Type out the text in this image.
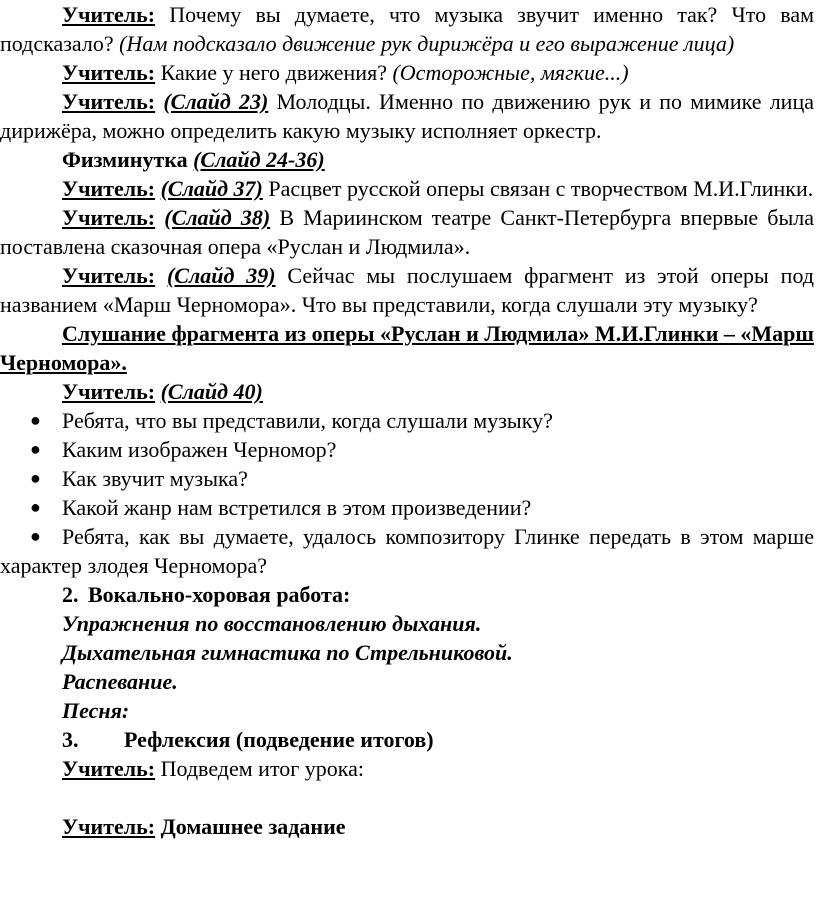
Учитель: Почему вы думаете, что музыка звучит именно так? Что вам подсказало? (Нам подсказало движение рук дирижёра и его выражение лица)

Учитель: Какие у него движения? (Осторожные, мягкие...)

Учитель: (Слайд 23) Молодцы. Именно по движению рук и по мимике лица дирижёра, можно определить какую музыку исполняет оркестр.

Физминутка (Слайд 24-36)

Учитель: (Слайд 37) Расцвет русской оперы связан с творчеством М.И.Глинки.

Учитель: (Слайд 38) В Мариинском театре Санкт-Петербурга впервые была поставлена сказочная опера «Руслан и Людмила».

Учитель: (Слайд 39) Сейчас мы послушаем фрагмент из этой оперы под названием «Марш Черномора». Что вы представили, когда слушали эту музыку?

Слушание фрагмента из оперы «Руслан и Людмила» М.И.Глинки – «Марш Черномора».

Учитель: (Слайд 40)

● Ребята, что вы представили, когда слушали музыку?

● Каким изображен Черномор?

● Как звучит музыка?

● Какой жанр нам встретился в этом произведении?

● Ребята, как вы думаете, удалось композитору Глинке передать в этом марше характер злодея Черномора?

2. Вокально-хоровая работа:

Упражнения по восстановлению дыхания.

Дыхательная гимнастика по Стрельниковой.

Распевание.

Песня:

3. Рефлексия (подведение итогов)

Учитель: Подведем итог урока:

Учитель: Домашнее задание
